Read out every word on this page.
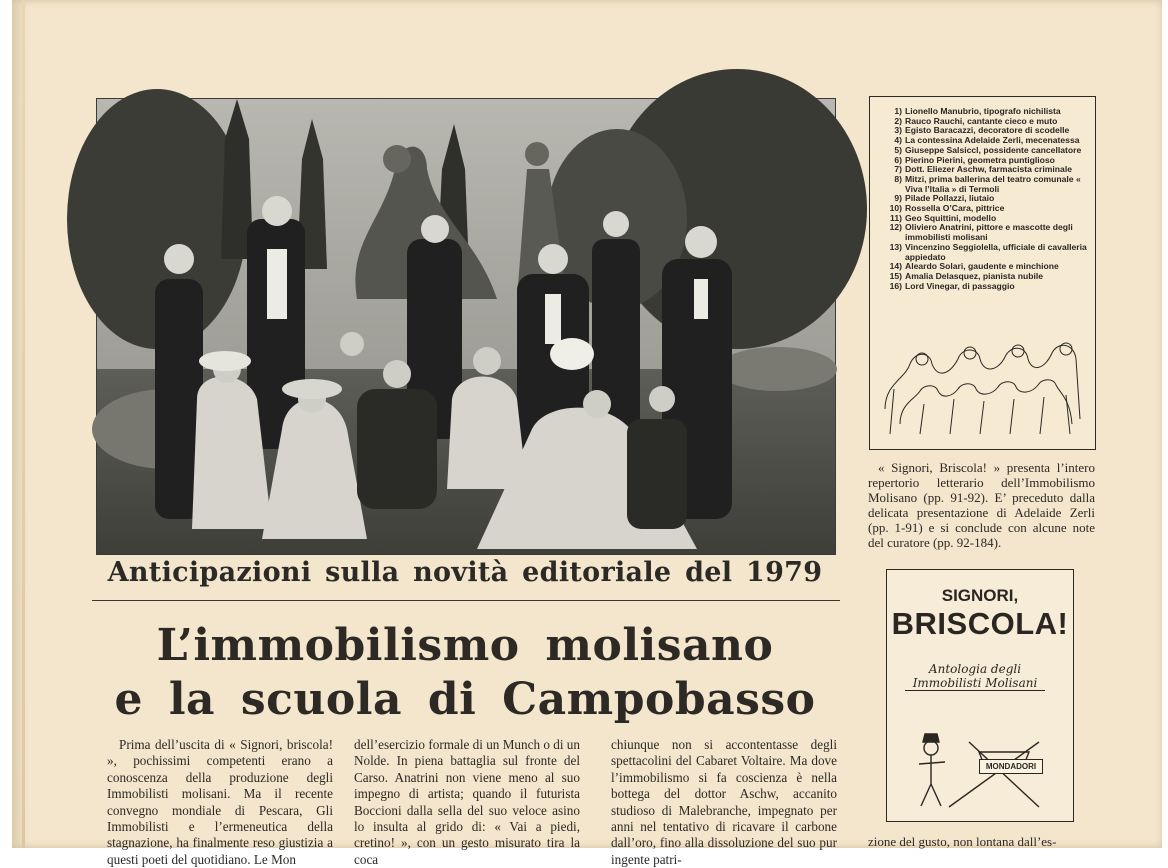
Anticipazioni sulla novità editoriale del 1979
L’immobilismo molisano
e la scuola di Campobasso
Prima dell’uscita di « Signori, briscola! », pochissimi competenti erano a conoscenza della produzione degli Immobilisti molisani. Ma il recente convegno mondiale di Pescara, Gli Immobilisti e l’ermeneutica della stagnazione, ha finalmente reso giustizia a questi poeti del quotidiano. Le Mon
dell’esercizio formale di un Munch o di un Nolde. In piena battaglia sul fronte del Carso. Anatrini non viene meno al suo impegno di artista; quando il futurista Boccioni dalla sella del suo veloce asino lo insulta al grido di: « Vai a piedi, cretino! », con un gesto misurato tira la coca
chiunque non si accontentasse degli spettacolini del Cabaret Voltaire. Ma dove l’immobilismo si fa coscienza è nella bottega del dottor Aschw, accanito studioso di Malebranche, impegnato per anni nel tentativo di ricavare il carbone dall’oro, fino alla dissoluzione del suo pur ingente patri-
1) Lionello Manubrio, tipografo nichilista
2) Rauco Rauchi, cantante cieco e muto
3) Egisto Baracazzi, decoratore di scodelle
4) La contessina Adelaide Zerli, mecenatessa
5) Giuseppe Salsiccl, possidente cancellatore
6) Pierino Pierini, geometra puntiglioso
7) Dott. Eliezer Aschw, farmacista criminale
8) Mitzi, prima ballerina del teatro comunale « Viva l’Italia » di Termoli
9) Pilade Pollazzi, liutaio
10) Rossella O’Cara, pittrice
11) Geo Squittini, modello
12) Oliviero Anatrini, pittore e mascotte degli immobilisti molisani
13) Vincenzino Seggiolella, ufficiale di cavalleria appiedato
14) Aleardo Solari, gaudente e minchione
15) Amalia Delasquez, pianista nubile
16) Lord Vinegar, di passaggio
« Signori, Briscola! » presenta l’intero repertorio letterario dell’Immobilismo Molisano (pp. 91-92). E’ preceduto dalla delicata presentazione di Adelaide Zerli (pp. 1-91) e si conclude con alcune note del curatore (pp. 92-184).
SIGNORI,
BRISCOLA!
Antologia degli
Immobilisti Molisani
MONDADORI
zione del gusto, non lontana dall’es-
